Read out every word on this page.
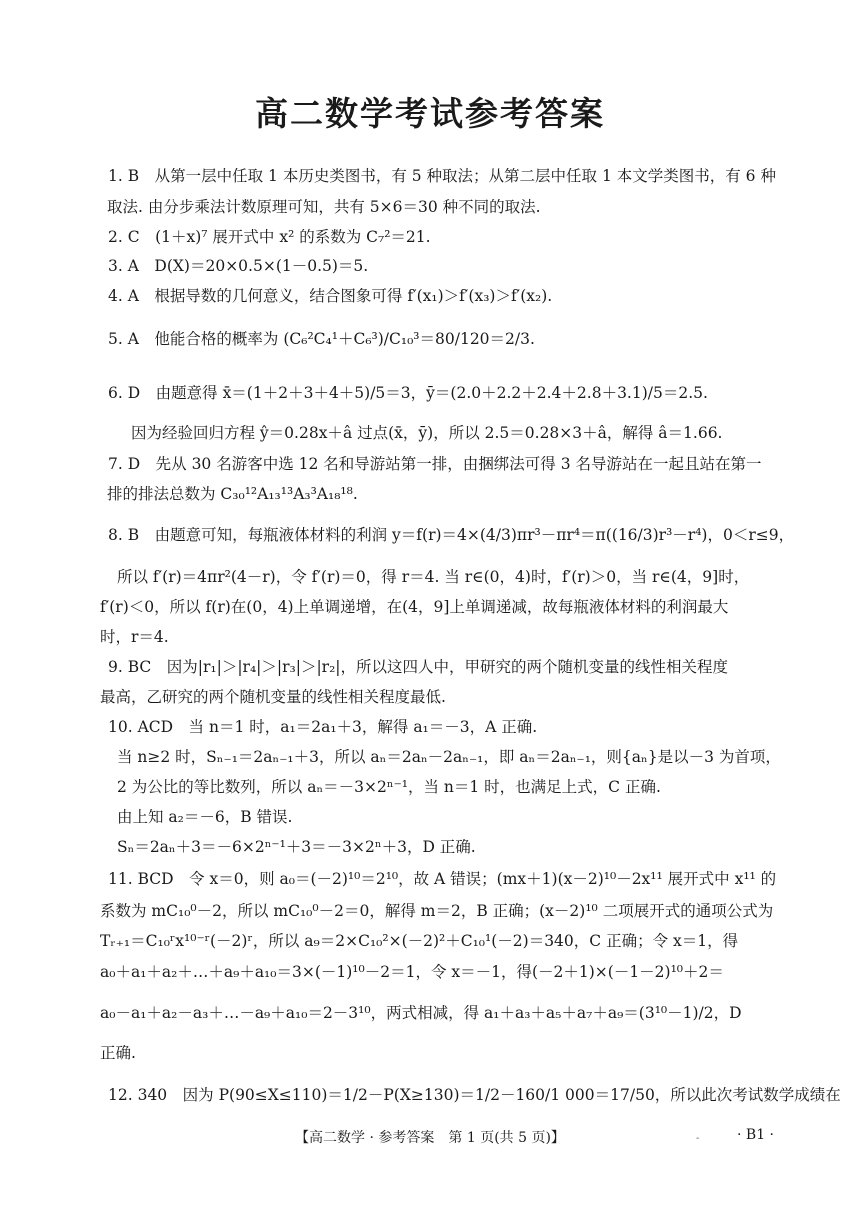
高二数学考试参考答案
1. B　从第一层中任取 1 本历史类图书，有 5 种取法；从第二层中任取 1 本文学类图书，有 6 种
取法. 由分步乘法计数原理可知，共有 5×6＝30 种不同的取法.
2. C　(1＋x)⁷ 展开式中 x² 的系数为 C₇²＝21.
3. A　D(X)＝20×0.5×(1－0.5)＝5.
4. A　根据导数的几何意义，结合图象可得 f′(x₁)＞f′(x₃)＞f′(x₂).
5. A　他能合格的概率为 (C₆²C₄¹＋C₆³)/C₁₀³＝80/120＝2/3.
6. D　由题意得 x̄＝(1＋2＋3＋4＋5)/5＝3，ȳ＝(2.0＋2.2＋2.4＋2.8＋3.1)/5＝2.5.
因为经验回归方程 ŷ＝0.28x＋â 过点(x̄，ȳ)，所以 2.5＝0.28×3＋â，解得 â＝1.66.
7. D　先从 30 名游客中选 12 名和导游站第一排，由捆绑法可得 3 名导游站在一起且站在第一
排的排法总数为 C₃₀¹²A₁₃¹³A₃³A₁₈¹⁸.
8. B　由题意可知，每瓶液体材料的利润 y＝f(r)＝4×(4/3)πr³－πr⁴＝π((16/3)r³－r⁴)，0＜r≤9，
所以 f′(r)＝4πr²(4－r)，令 f′(r)＝0，得 r＝4. 当 r∈(0，4)时，f′(r)＞0，当 r∈(4，9]时，
f′(r)＜0，所以 f(r)在(0，4)上单调递增，在(4，9]上单调递减，故每瓶液体材料的利润最大
时，r＝4.
9. BC　因为|r₁|＞|r₄|＞|r₃|＞|r₂|，所以这四人中，甲研究的两个随机变量的线性相关程度
最高，乙研究的两个随机变量的线性相关程度最低.
10. ACD　当 n＝1 时，a₁＝2a₁＋3，解得 a₁＝－3，A 正确.
当 n≥2 时，Sₙ₋₁＝2aₙ₋₁＋3，所以 aₙ＝2aₙ－2aₙ₋₁，即 aₙ＝2aₙ₋₁，则{aₙ}是以－3 为首项，
2 为公比的等比数列，所以 aₙ＝－3×2ⁿ⁻¹，当 n＝1 时，也满足上式，C 正确.
由上知 a₂＝－6，B 错误.
Sₙ＝2aₙ＋3＝－6×2ⁿ⁻¹＋3＝－3×2ⁿ＋3，D 正确.
11. BCD　令 x＝0，则 a₀＝(－2)¹⁰＝2¹⁰，故 A 错误；(mx＋1)(x－2)¹⁰－2x¹¹ 展开式中 x¹¹ 的
系数为 mC₁₀⁰－2，所以 mC₁₀⁰－2＝0，解得 m＝2，B 正确；(x－2)¹⁰ 二项展开式的通项公式为
Tᵣ₊₁＝C₁₀ʳx¹⁰⁻ʳ(－2)ʳ，所以 a₉＝2×C₁₀²×(－2)²＋C₁₀¹(－2)＝340，C 正确；令 x＝1，得
a₀＋a₁＋a₂＋…＋a₉＋a₁₀＝3×(－1)¹⁰－2＝1，令 x＝－1，得(－2＋1)×(－1－2)¹⁰＋2＝
a₀－a₁＋a₂－a₃＋…－a₉＋a₁₀＝2－3¹⁰，两式相减，得 a₁＋a₃＋a₅＋a₇＋a₉＝(3¹⁰－1)/2，D
正确.
12. 340　因为 P(90≤X≤110)＝1/2－P(X≥130)＝1/2－160/1 000＝17/50，所以此次考试数学成绩在
【高二数学 · 参考答案　第 1 页(共 5 页)】	-	· B1 ·
